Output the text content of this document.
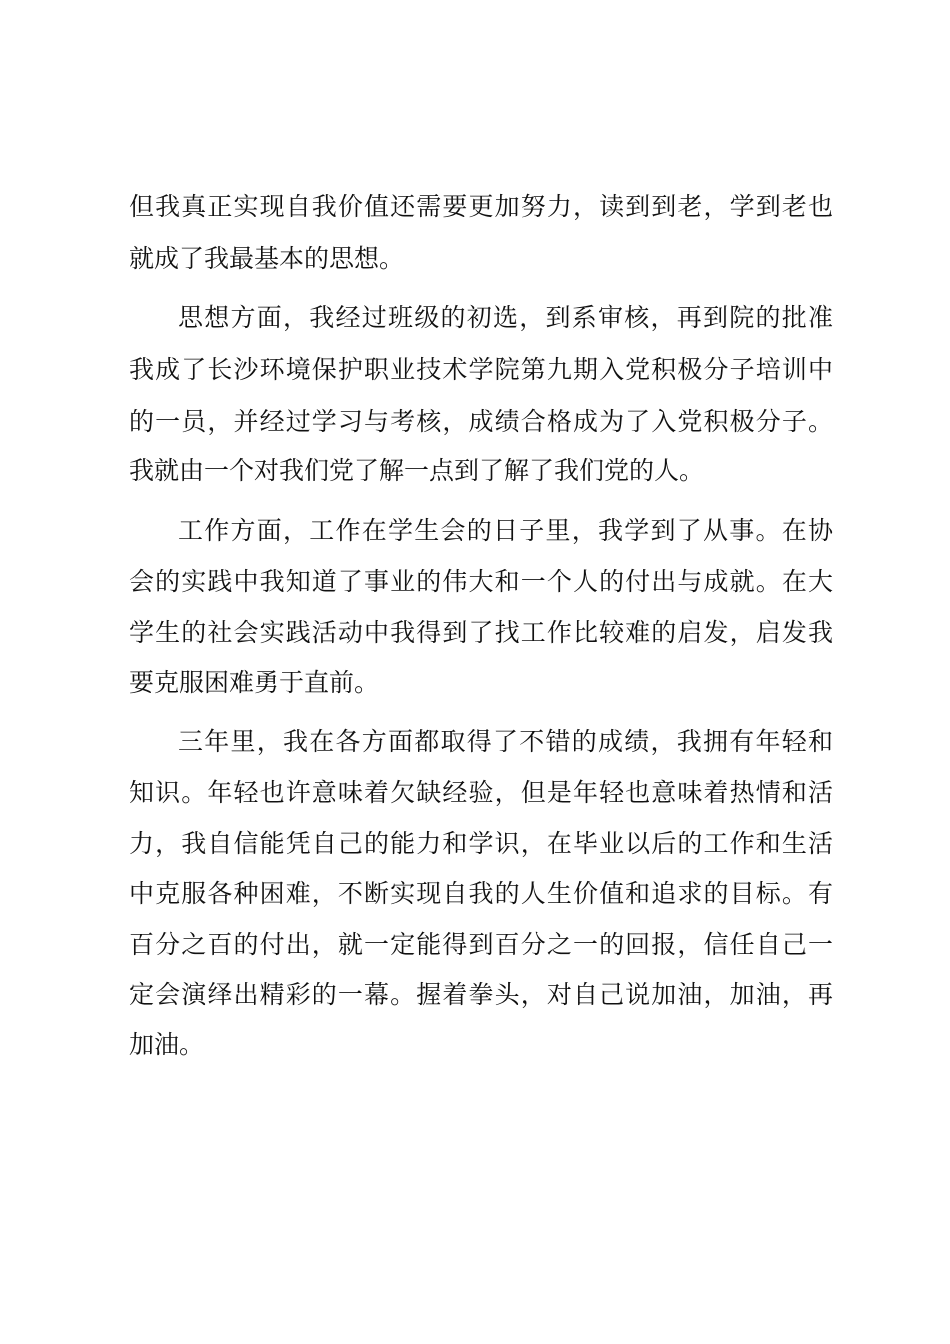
但我真正实现自我价值还需要更加努力，读到到老，学到老也
就成了我最基本的思想。
思想方面，我经过班级的初选，到系审核，再到院的批准
我成了长沙环境保护职业技术学院第九期入党积极分子培训中
的一员，并经过学习与考核，成绩合格成为了入党积极分子。
我就由一个对我们党了解一点到了解了我们党的人。
工作方面，工作在学生会的日子里，我学到了从事。在协
会的实践中我知道了事业的伟大和一个人的付出与成就。在大
学生的社会实践活动中我得到了找工作比较难的启发，启发我
要克服困难勇于直前。
三年里，我在各方面都取得了不错的成绩，我拥有年轻和
知识。年轻也许意味着欠缺经验，但是年轻也意味着热情和活
力，我自信能凭自己的能力和学识，在毕业以后的工作和生活
中克服各种困难，不断实现自我的人生价值和追求的目标。有
百分之百的付出，就一定能得到百分之一的回报，信任自己一
定会演绎出精彩的一幕。握着拳头，对自己说加油，加油，再
加油。
